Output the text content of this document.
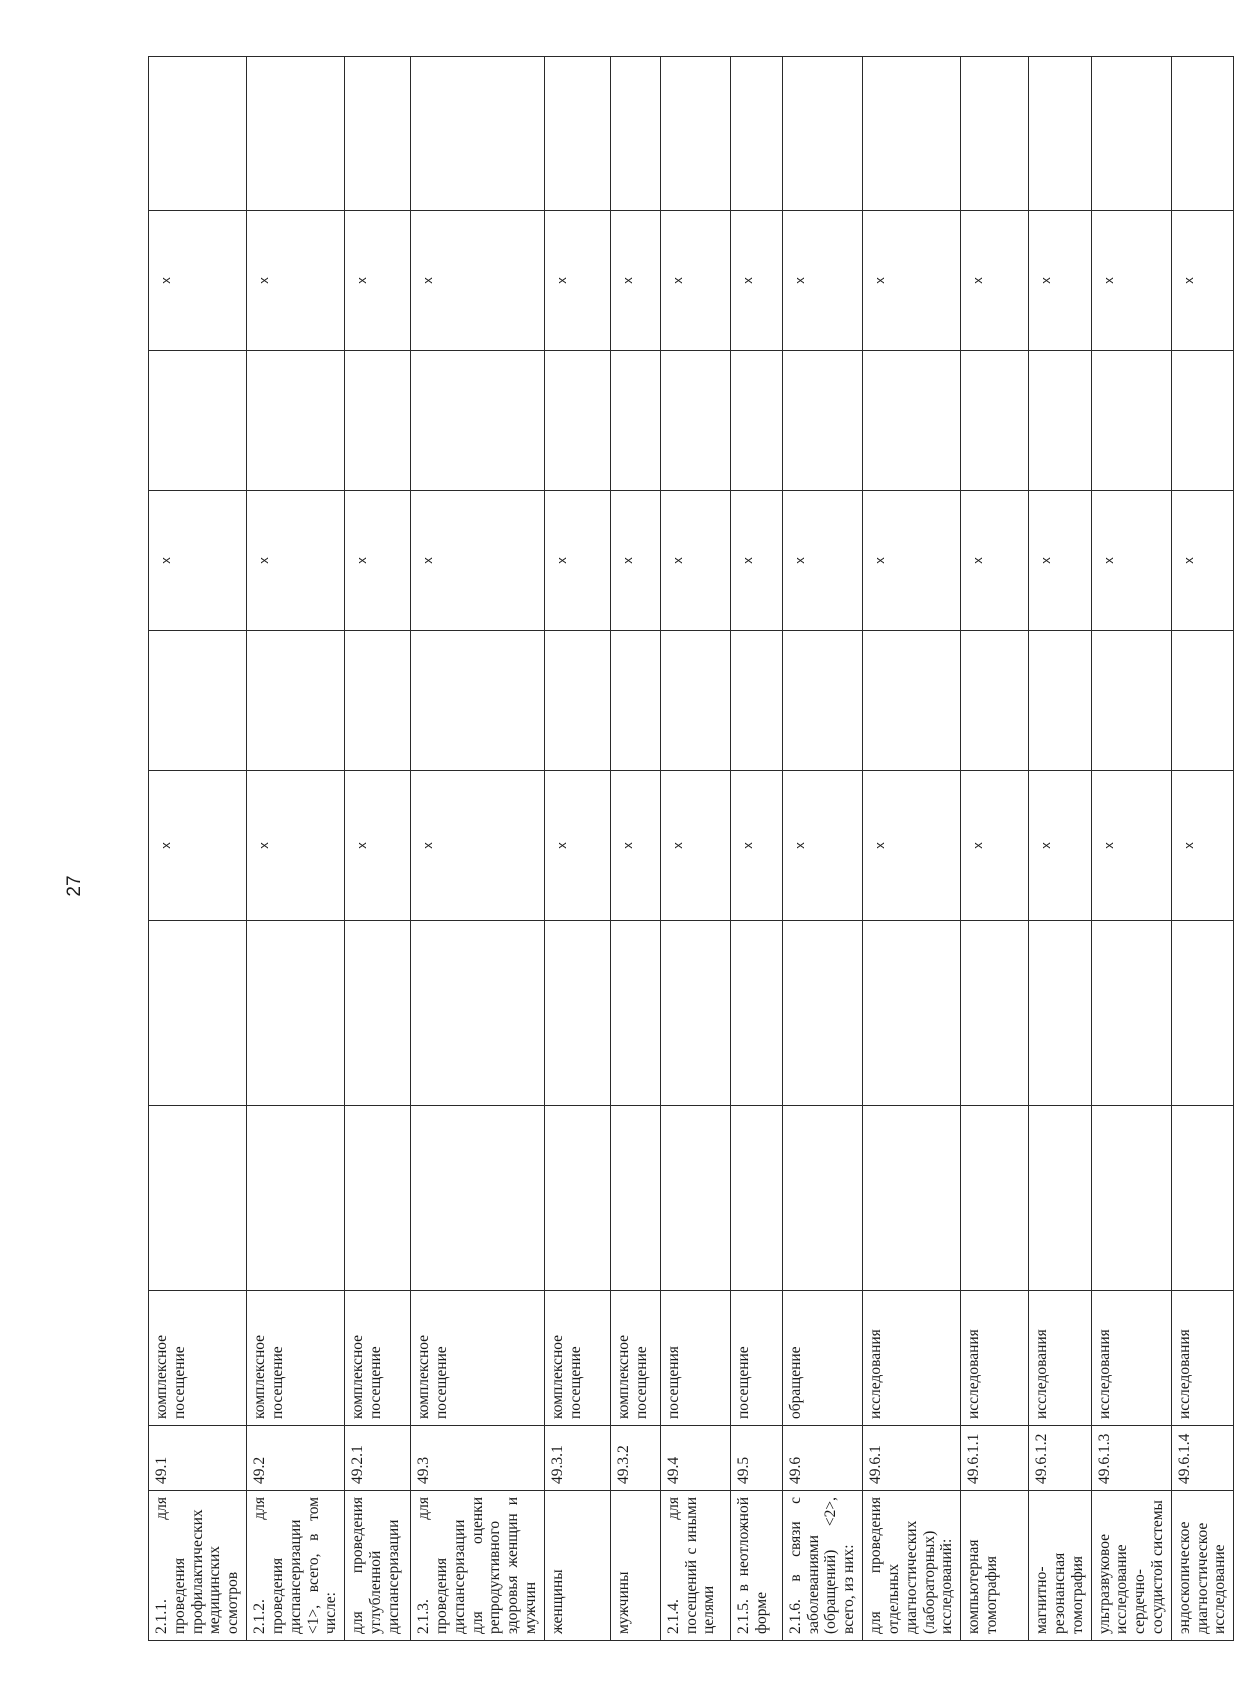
27
2.1.1. для проведения профилактических медицинских осмотров	49.1	комплексное посещение			x		x		x	
2.1.2. для проведения диспансеризации <1>, всего, в том числе:	49.2	комплексное посещение			x		x		x	
для проведения углубленной диспансеризации	49.2.1	комплексное посещение			x		x		x	
2.1.3. для проведения диспансеризации для оценки репродуктивного здоровья женщин и мужчин	49.3	комплексное посещение			x		x		x	
женщины	49.3.1	комплексное посещение			x		x		x	
мужчины	49.3.2	комплексное посещение			x		x		x	
2.1.4. для посещений с иными целями	49.4	посещения			x		x		x	
2.1.5. в неотложной форме	49.5	посещение			x		x		x	
2.1.6. в связи с заболеваниями (обращений) <2>, всего, из них:	49.6	обращение			x		x		x	
для проведения отдельных диагностических (лабораторных) исследований:	49.6.1	исследования			x		x		x	
компьютерная томография	49.6.1.1	исследования			x		x		x	
магнитно-резонансная томография	49.6.1.2	исследования			x		x		x	
ультразвуковое исследование сердечно-сосудистой системы	49.6.1.3	исследования			x		x		x	
эндоскопическое диагностическое исследование	49.6.1.4	исследования			x		x		x	
